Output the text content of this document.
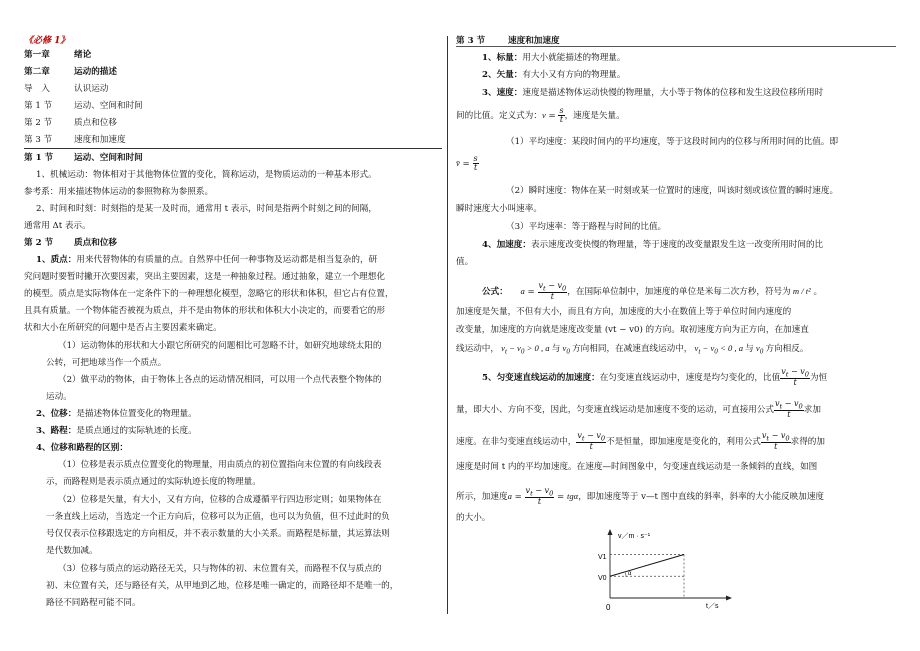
《必修 1》
第一章	绪论
第二章	运动的描述
导　入	认识运动
第 1 节	运动、空间和时间
第 2 节	质点和位移
第 3 节	速度和加速度
第 1 节 运动、空间和时间
1、机械运动：物体相对于其他物体位置的变化，简称运动，是物质运动的一种基本形式。
参考系：用来描述物体运动的参照物称为参照系。
2、时间和时刻：时刻指的是某一及时而，通常用 t 表示，时间是指两个时刻之间的间隔，
通常用 Δt 表示。
第 2 节 质点和位移
1、质点：用来代替物体的有质量的点。自然界中任何一种事物及运动都是相当复杂的，研
究问题时要暂时撇开次要因素，突出主要因素，这是一种抽象过程。通过抽象，建立一个理想化
的模型。质点是实际物体在一定条件下的一种理想化模型，忽略它的形状和体积，但它占有位置，
且具有质量。一个物体能否被视为质点，并不是由物体的形状和体积大小决定的，而要看它的形
状和大小在所研究的问题中是否占主要因素来确定。
（1）运动物体的形状和大小跟它所研究的问题相比可忽略不计，如研究地球绕太阳的
公转，可把地球当作一个质点。
（2）做平动的物体，由于物体上各点的运动情况相同，可以用一个点代表整个物体的
运动。
2、位移：是描述物体位置变化的物理量。
3、路程：是质点通过的实际轨迹的长度。
4、位移和路程的区别：
（1）位移是表示质点位置变化的物理量，用由质点的初位置指向末位置的有向线段表
示，而路程则是表示质点通过的实际轨迹长度的物理量。
（2）位移是矢量，有大小，又有方向，位移的合成遵循平行四边形定则；如果物体在
一条直线上运动，当选定一个正方向后，位移可以为正值，也可以为负值，但不过此时的负
号仅仅表示位移跟选定的方向相反，并不表示数量的大小关系。而路程是标量，其运算法则
是代数加减。
（3）位移与质点的运动路径无关，只与物体的初、末位置有关，而路程不仅与质点的
初、末位置有关，还与路径有关，从甲地到乙地，位移是唯一确定的，而路径却不是唯一的，
路径不同路程可能不同。
第 3 节	速度和加速度
1、标量：用大小就能描述的物理量。
2、矢量：有大小又有方向的物理量。
3、速度：速度是描述物体运动快慢的物理量，大小等于物体的位移和发生这段位移所用时
间的比值。定义式为：$v = \frac{s}{t}$ ，速度是矢量。
（1）平均速度：某段时间内的平均速度，等于这段时间内的位移与所用时间的比值。即
v̄ = $\frac{s}{t}$
（2）瞬时速度：物体在某一时刻或某一位置时的速度，叫该时刻或该位置的瞬时速度。
瞬时速度大小叫速率。
（3）平均速率：等于路程与时间的比值。
4、加速度：表示速度改变快慢的物理量，等于速度的改变量跟发生这一改变所用时间的比
值。
公式： $a = \frac{v_t - v_0}{t}$ ，在国际单位制中，加速度的单位是米每二次方秒，符号为 m / t² 。
加速度是矢量，不但有大小，而且有方向，加速度的大小在数值上等于单位时间内速度的
改变量，加速度的方向就是速度改变量 (vt − v0) 的方向。取初速度方向为正方向，在加速直
线运动中， $v_t - v_0 > 0$ , a 与 $v_0$ 方向相同，在减速直线运动中， $v_t - v_0 < 0$ , a 与 $v_0$ 方向相反。
5、匀变速直线运动的加速度：在匀变速直线运动中，速度是均匀变化的，比值 $\frac{v_t - v_0}{t}$ 为恒
量，即大小、方向不变，因此，匀变速直线运动是加速度不变的运动，可直接用公式 $\frac{v_t - v_0}{t}$ 求加
速度。在非匀变速直线运动中， $\frac{v_t - v_0}{t}$ 不是恒量，即加速度是变化的，利用公式 $\frac{v_t - v_0}{t}$ 求得的加
速度是时间 t 内的平均加速度。在速度—时间图象中，匀变速直线运动是一条倾斜的直线，如图
所示，加速度$a = \frac{v_t - v_0}{t} = tg\alpha$，即加速度等于 v—t 图中直线的斜率，斜率的大小能反映加速度
的大小。
α
V1
V0
0
v／m · s⁻¹
t／s
